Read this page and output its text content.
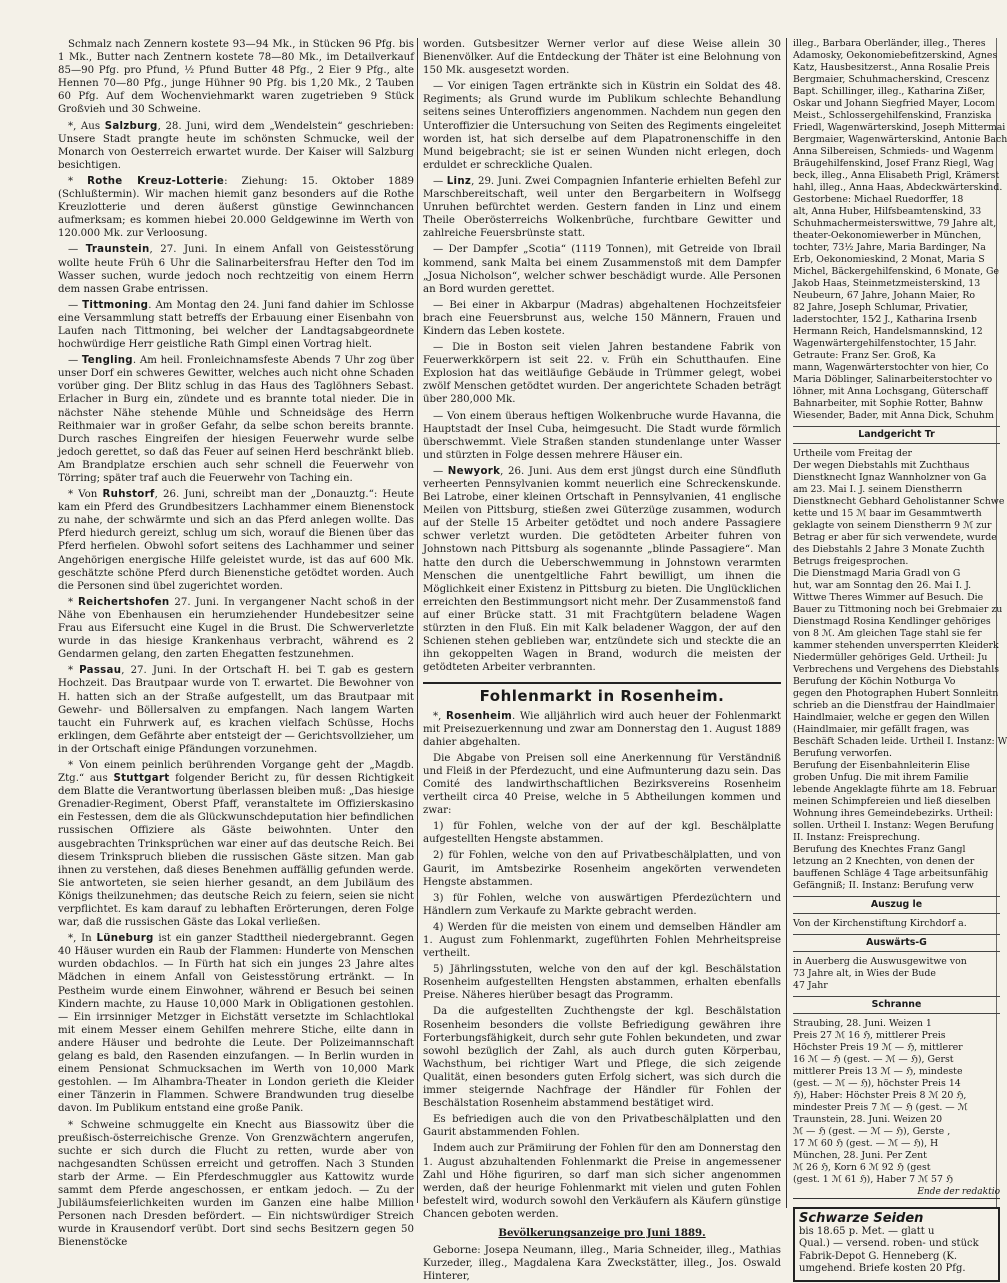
Schmalz nach Zennern kostete 93—94 Mk., in Stücken 96 Pfg. bis 1 Mk., Butter nach Zentnern kostete 78—80 Mk., im Detailverkauf 85—90 Pfg. pro Pfund, ½ Pfund Butter 48 Pfg., 2 Eier 9 Pfg., alte Hennen 70—80 Pfg., junge Hühner 90 Pfg. bis 1,20 Mk., 2 Tauben 60 Pfg. Auf dem Wochenviehmarkt waren zugetrieben 9 Stück Großvieh und 30 Schweine.

*, Aus Salzburg, 28. Juni, wird dem „Wendelstein“ geschrieben: Unsere Stadt prangte heute im schönsten Schmucke, weil der Monarch von Oesterreich erwartet wurde. Der Kaiser will Salzburg besichtigen.

* Rothe Kreuz-Lotterie: Ziehung: 15. Oktober 1889 (Schlußtermin). Wir machen hiemit ganz besonders auf die Rothe Kreuzlotterie und deren äußerst günstige Gewinnchancen aufmerksam; es kommen hiebei 20.000 Geldgewinne im Werth von 120.000 Mk. zur Verloosung.

— Traunstein, 27. Juni. In einem Anfall von Geistesstörung wollte heute Früh 6 Uhr die Salinarbeitersfrau Hefter den Tod im Wasser suchen, wurde jedoch noch rechtzeitig von einem Herrn dem nassen Grabe entrissen.

— Tittmoning. Am Montag den 24. Juni fand dahier im Schlosse eine Versammlung statt betreffs der Erbauung einer Eisenbahn von Laufen nach Tittmoning, bei welcher der Landtagsabgeordnete hochwürdige Herr geistliche Rath Gimpl einen Vortrag hielt.

— Tengling. Am heil. Fronleichnamsfeste Abends 7 Uhr zog über unser Dorf ein schweres Gewitter, welches auch nicht ohne Schaden vorüber ging. Der Blitz schlug in das Haus des Taglöhners Sebast. Erlacher in Burg ein, zündete und es brannte total nieder. Die in nächster Nähe stehende Mühle und Schneidsäge des Herrn Reithmaier war in großer Gefahr, da selbe schon bereits brannte. Durch rasches Eingreifen der hiesigen Feuerwehr wurde selbe jedoch gerettet, so daß das Feuer auf seinen Herd beschränkt blieb. Am Brandplatze erschien auch sehr schnell die Feuerwehr von Törring; später traf auch die Feuerwehr von Taching ein.

* Von Ruhstorf, 26. Juni, schreibt man der „Donauztg.“: Heute kam ein Pferd des Grundbesitzers Lachhammer einem Bienenstock zu nahe, der schwärmte und sich an das Pferd anlegen wollte. Das Pferd hiedurch gereizt, schlug um sich, worauf die Bienen über das Pferd herfielen. Obwohl sofort seitens des Lachhammer und seiner Angehörigen energische Hilfe geleistet wurde, ist das auf 600 Mk. geschätzte schöne Pferd durch Bienenstiche getödtet worden. Auch die Personen sind übel zugerichtet worden.

* Reichertshofen 27. Juni. In vergangener Nacht schoß in der Nähe von Ebenhausen ein herumziehender Hundebesitzer seine Frau aus Eifersucht eine Kugel in die Brust. Die Schwerverletzte wurde in das hiesige Krankenhaus verbracht, während es 2 Gendarmen gelang, den zarten Ehegatten festzunehmen.

* Passau, 27. Juni. In der Ortschaft H. bei T. gab es gestern Hochzeit. Das Brautpaar wurde von T. erwartet. Die Bewohner von H. hatten sich an der Straße aufgestellt, um das Brautpaar mit Gewehr- und Böllersalven zu empfangen. Nach langem Warten taucht ein Fuhrwerk auf, es krachen vielfach Schüsse, Hochs erklingen, dem Gefährte aber entsteigt der — Gerichtsvollzieher, um in der Ortschaft einige Pfändungen vorzunehmen.

* Von einem peinlich berührenden Vorgange geht der „Magdb. Ztg.“ aus Stuttgart folgender Bericht zu, für dessen Richtigkeit dem Blatte die Verantwortung überlassen bleiben muß: „Das hiesige Grenadier-Regiment, Oberst Pfaff, veranstaltete im Offizierskasino ein Festessen, dem die als Glückwunschdeputation hier befindlichen russischen Offiziere als Gäste beiwohnten. Unter den ausgebrachten Trinksprüchen war einer auf das deutsche Reich. Bei diesem Trinkspruch blieben die russischen Gäste sitzen. Man gab ihnen zu verstehen, daß dieses Benehmen auffällig gefunden werde. Sie antworteten, sie seien hierher gesandt, an dem Jubiläum des Königs theilzunehmen; das deutsche Reich zu feiern, seien sie nicht verpflichtet. Es kam darauf zu lebhaften Erörterungen, deren Folge war, daß die russischen Gäste das Lokal verließen.

*, In Lüneburg ist ein ganzer Stadttheil niedergebrannt. Gegen 40 Häuser wurden ein Raub der Flammen: Hunderte von Menschen wurden obdachlos. — In Fürth hat sich ein junges 23 Jahre altes Mädchen in einem Anfall von Geistesstörung ertränkt. — In Pestheim wurde einem Einwohner, während er Besuch bei seinen Kindern machte, zu Hause 10,000 Mark in Obligationen gestohlen. — Ein irrsinniger Metzger in Eichstätt versetzte im Schlachtlokal mit einem Messer einem Gehilfen mehrere Stiche, eilte dann in andere Häuser und bedrohte die Leute. Der Polizeimannschaft gelang es bald, den Rasenden einzufangen. — In Berlin wurden in einem Pensionat Schmucksachen im Werth von 10,000 Mark gestohlen. — Im Alhambra-Theater in London gerieth die Kleider einer Tänzerin in Flammen. Schwere Brandwunden trug dieselbe davon. Im Publikum entstand eine große Panik.

* Schweine schmuggelte ein Knecht aus Biassowitz über die preußisch-österreichische Grenze. Von Grenzwächtern angerufen, suchte er sich durch die Flucht zu retten, wurde aber von nachgesandten Schüssen erreicht und getroffen. Nach 3 Stunden starb der Arme. — Ein Pferdeschmuggler aus Kattowitz wurde sammt dem Pferde angeschossen, er entkam jedoch. — Zu der Jubiläumsfeierlichkeiten wurden im Ganzen eine halbe Million Personen nach Dresden befördert. — Ein nichtswürdiger Streich wurde in Krausendorf verübt. Dort sind sechs Besitzern gegen 50 Bienenstöcke

worden. Gutsbesitzer Werner verlor auf diese Weise allein 30 Bienenvölker. Auf die Entdeckung der Thäter ist eine Belohnung von 150 Mk. ausgesetzt worden.

— Vor einigen Tagen ertränkte sich in Küstrin ein Soldat des 48. Regiments; als Grund wurde im Publikum schlechte Behandlung seitens seines Unteroffiziers angenommen. Nachdem nun gegen den Unteroffizier die Untersuchung von Seiten des Regiments eingeleitet worden ist, hat sich derselbe auf dem Plapatronenschiffe in den Mund beigebracht; sie ist er seinen Wunden nicht erlegen, doch erduldet er schreckliche Qualen.

— Linz, 29. Juni. Zwei Compagnien Infanterie erhielten Befehl zur Marschbereitschaft, weil unter den Bergarbeitern in Wolfsegg Unruhen befürchtet werden. Gestern fanden in Linz und einem Theile Oberösterreichs Wolkenbrüche, furchtbare Gewitter und zahlreiche Feuersbrünste statt.

— Der Dampfer „Scotia“ (1119 Tonnen), mit Getreide von Ibrail kommend, sank Malta bei einem Zusammenstoß mit dem Dampfer „Josua Nicholson“, welcher schwer beschädigt wurde. Alle Personen an Bord wurden gerettet.

— Bei einer in Akbarpur (Madras) abgehaltenen Hochzeitsfeier brach eine Feuersbrunst aus, welche 150 Männern, Frauen und Kindern das Leben kostete.

— Die in Boston seit vielen Jahren bestandene Fabrik von Feuerwerkkörpern ist seit 22. v. Früh ein Schutthaufen. Eine Explosion hat das weitläufige Gebäude in Trümmer gelegt, wobei zwölf Menschen getödtet wurden. Der angerichtete Schaden beträgt über 280,000 Mk.

— Von einem überaus heftigen Wolkenbruche wurde Havanna, die Hauptstadt der Insel Cuba, heimgesucht. Die Stadt wurde förmlich überschwemmt. Viele Straßen standen stundenlange unter Wasser und stürzten in Folge dessen mehrere Häuser ein.

— Newyork, 26. Juni. Aus dem erst jüngst durch eine Sündfluth verheerten Pennsylvanien kommt neuerlich eine Schreckenskunde. Bei Latrobe, einer kleinen Ortschaft in Pennsylvanien, 41 englische Meilen von Pittsburg, stießen zwei Güterzüge zusammen, wodurch auf der Stelle 15 Arbeiter getödtet und noch andere Passagiere schwer verletzt wurden. Die getödteten Arbeiter fuhren von Johnstown nach Pittsburg als sogenannte „blinde Passagiere“. Man hatte den durch die Ueberschwemmung in Johnstown verarmten Menschen die unentgeltliche Fahrt bewilligt, um ihnen die Möglichkeit einer Existenz in Pittsburg zu bieten. Die Unglücklichen erreichten den Bestimmungsort nicht mehr. Der Zusammenstoß fand auf einer Brücke statt. 31 mit Frachtgütern beladene Wagen stürzten in den Fluß. Ein mit Kalk beladener Waggon, der auf den Schienen stehen geblieben war, entzündete sich und steckte die an ihn gekoppelten Wagen in Brand, wodurch die meisten der getödteten Arbeiter verbrannten.

Fohlenmarkt in Rosenheim.

*, Rosenheim. Wie alljährlich wird auch heuer der Fohlenmarkt mit Preisezuerkennung und zwar am Donnerstag den 1. August 1889 dahier abgehalten.

Die Abgabe von Preisen soll eine Anerkennung für Verständniß und Fleiß in der Pferdezucht, und eine Aufmunterung dazu sein. Das Comité des landwirthschaftlichen Bezirksvereins Rosenheim vertheilt circa 40 Preise, welche in 5 Abtheilungen kommen und zwar:

1) für Fohlen, welche von der auf der kgl. Beschälplatte aufgestellten Hengste abstammen.

2) für Fohlen, welche von den auf Privatbeschälplatten, und von Gaurit, im Amtsbezirke Rosenheim angekörten verwendeten Hengste abstammen.

3) für Fohlen, welche von auswärtigen Pferdezüchtern und Händlern zum Verkaufe zu Markte gebracht werden.

4) Werden für die meisten von einem und demselben Händler am 1. August zum Fohlenmarkt, zugeführten Fohlen Mehrheitspreise vertheilt.

5) Jährlingsstuten, welche von den auf der kgl. Beschälstation Rosenheim aufgestellten Hengsten abstammen, erhalten ebenfalls Preise. Näheres hierüber besagt das Programm.

Da die aufgestellten Zuchthengste der kgl. Beschälstation Rosenheim besonders die vollste Befriedigung gewähren ihre Forterbungsfähigkeit, durch sehr gute Fohlen bekundeten, und zwar sowohl bezüglich der Zahl, als auch durch guten Körperbau, Wachsthum, bei richtiger Wart und Pflege, die sich zeigende Qualität, einen besonders guten Erfolg sichert, was sich durch die immer steigernde Nachfrage der Händler für Fohlen der Beschälstation Rosenheim abstammend bestätiget wird.

Es befriedigen auch die von den Privatbeschälplatten und den Gaurit abstammenden Fohlen.

Indem auch zur Prämiirung der Fohlen für den am Donnerstag den 1. August abzuhaltenden Fohlenmarkt die Preise in angemessener Zahl und Höhe figuriren, so darf man sich sicher angenommen werden, daß der heurige Fohlenmarkt mit vielen und guten Fohlen befestelt wird, wodurch sowohl den Verkäufern als Käufern günstige Chancen geboten werden.

Bevölkerungsanzeige pro Juni 1889.

Geborne: Josepa Neumann, illeg., Maria Schneider, illeg., Mathias Kurzeder, illeg., Magdalena Kara Zweckstätter, illeg., Jos. Oswald Hinterer,

illeg., Barbara Oberländer, illeg., Theres
Adamosky, Oekonomiebefitzerskind, Agnes
Katz, Hausbesitzerst., Anna Rosalie Preis
Bergmaier, Schuhmacherskind, Crescenz
Bapt. Schillinger, illeg., Katharina Zißer,
Oskar und Johann Siegfried Mayer, Locom
Meist., Schlossergehilfenskind, Franziska
Friedl, Wagenwärterskind, Joseph Mittermai
Bergmaier, Wagenwärterskind, Antonie Bach
Anna Silbereisen, Schmieds- und Wagenm
Bräugehilfenskind, Josef Franz Riegl, Wag
beck, illeg., Anna Elisabeth Prigl, Krämerst
hahl, illeg., Anna Haas, Abdeckwärterskind.
Gestorbene: Michael Ruedorffer, 18
alt, Anna Huber, Hilfsbeamtenskind, 33
Schuhmachermeisterswittwe, 79 Jahre alt,
theater-Oekonomiewerber in München,
tochter, 73½ Jahre, Maria Bardinger, Na
Erb, Oekonomieskind, 2 Monat, Maria S
Michel, Bäckergehilfenskind, 6 Monate, Ge
Jakob Haas, Steinmetzmeisterskind, 13
Neubeurn, 67 Jahre, Johann Maier, Ro
82 Jahre, Joseph Schlumar, Privatier,
laderstochter, 15⁄2 J., Katharina Irsenb
Hermann Reich, Handelsmannskind, 12
Wagenwärtergehilfenstochter, 15 Jahr.
Getraute: Franz Ser. Groß, Ka
mann, Wagenwärterstochter von hier, Co
Maria Döblinger, Salinarbeiterstochter vo
löhner, mit Anna Lochsgang, Güterschaff
Bahnarbeiter, mit Sophie Rotter, Bahnw
Wiesender, Bader, mit Anna Dick, Schuhm
Landgericht Tr
Urtheile vom Freitag der
Der wegen Diebstahls mit Zuchthaus
Dienstknecht Ignaz Wannholzner von Ga
am 23. Mai I. J. seinem Dienstherrn
Dienstknecht Gebhard Geholistanner Schwe
kette und 15 ℳ baar im Gesammtwerth
geklagte von seinem Dienstherrn 9 ℳ zur
Betrag er aber für sich verwendete, wurde
des Diebstahls 2 Jahre 3 Monate Zuchth
Betrugs freigesprochen.
Die Dienstmagd Maria Gradl von G
hut, war am Sonntag den 26. Mai I. J.
Wittwe Theres Wimmer auf Besuch. Die
Bauer zu Tittmoning noch bei Grebmaier zu
Dienstmagd Rosina Kendlinger gehöriges
von 8 ℳ. Am gleichen Tage stahl sie fer
kammer stehenden unversperrten Kleiderk
Niedermüller gehöriges Geld. Urtheil: Ju
Verbrechens und Vergehens des Diebstahls
Berufung der Köchin Notburga Vo
gegen den Photographen Hubert Sonnleitn
schrieb an die Dienstfrau der Haindlmaier
Haindlmaier, welche er gegen den Willen
(Haindlmaier, mir gefällt fragen, was
Beschäft Schaden leide. Urtheil I. Instanz: W
Berufung verworfen.
Berufung der Eisenbahnleiterin Elise
groben Unfug. Die mit ihrem Familie
lebende Angeklagte führte am 18. Februar
meinen Schimpfereien und ließ dieselben
Wohnung ihres Gemeindebezirks. Urtheil:
sollen. Urtheil I. Instanz: Wegen Berufung
II. Instanz: Freisprechung.
Berufung des Knechtes Franz Gangl
letzung an 2 Knechten, von denen der
bauffenen Schläge 4 Tage arbeitsunfähig
Gefängniß; II. Instanz: Berufung verw
Auszug le
Von der Kirchenstiftung Kirchdorf a.
Auswärts-G
in Auerberg die Auswusgewitwe von
73 Jahre alt, in Wies der Bude
47 Jahr
Schranne
Straubing, 28. Juni. Weizen 1
Preis 27 ℳ 16 ℌ, mittlerer Preis
Höchster Preis 19 ℳ — ℌ, mittlerer
16 ℳ — ℌ (gest. — ℳ — ℌ), Gerst
mittlerer Preis 13 ℳ — ℌ, mindeste
(gest. — ℳ — ℌ), höchster Preis 14
ℌ), Haber: Höchster Preis 8 ℳ 20 ℌ,
mindester Preis 7 ℳ — ℌ (gest. — ℳ
Traunstein, 28. Juni. Weizen 20
ℳ — ℌ (gest. — ℳ — ℌ), Gerste ,
17 ℳ 60 ℌ (gest. — ℳ — ℌ), H
München, 28. Juni. Per Zent
ℳ 26 ℌ, Korn 6 ℳ 92 ℌ (gest
(gest. 1 ℳ 61 ℌ), Haber 7 ℳ 57 ℌ
Ende der redaktio
Schwarze Seiden
bis 18.65 p. Met. — glatt u
Qual.) — versend. roben- und stück
Fabrik-Depot G. Henneberg (K.
umgehend. Briefe kosten 20 Pfg.
